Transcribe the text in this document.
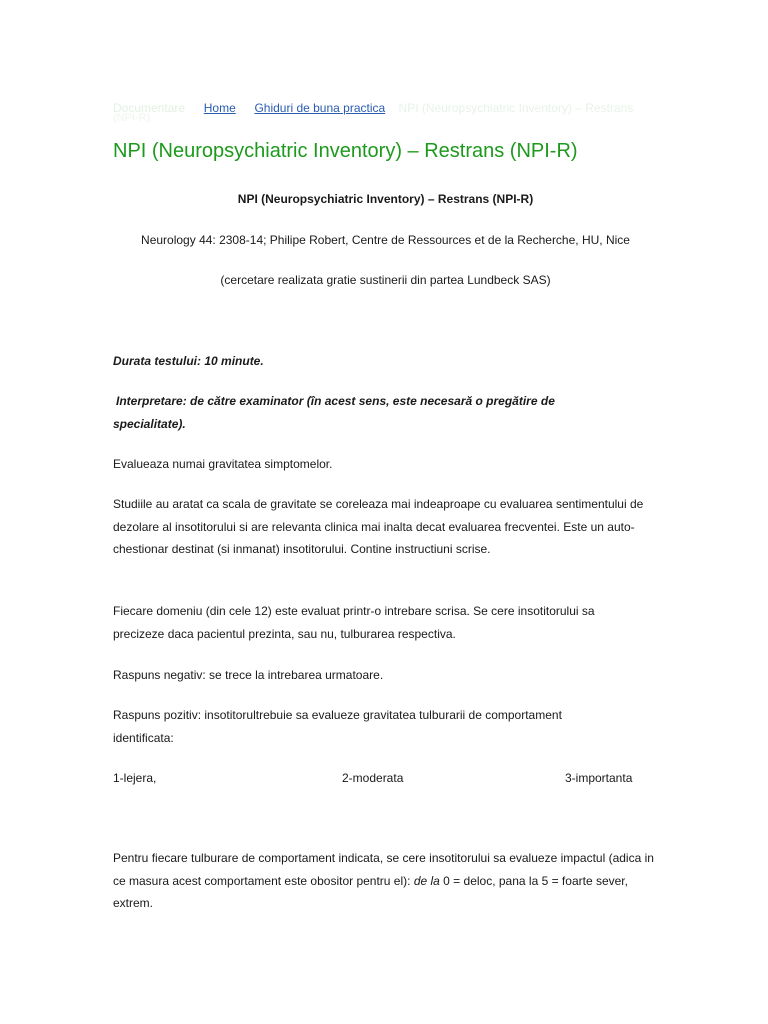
Documentare Home Ghiduri de buna practica NPI (Neuropsychiatric Inventory) – Restrans
(NPI-R)
NPI (Neuropsychiatric Inventory) – Restrans (NPI-R)
NPI (Neuropsychiatric Inventory) – Restrans (NPI-R)
Neurology 44: 2308-14; Philipe Robert, Centre de Ressources et de la Recherche, HU, Nice
(cercetare realizata gratie sustinerii din partea Lundbeck SAS)
Durata testului: 10 minute.
Interpretare: de către examinator (în acest sens, este necesară o pregătire de specialitate).
Evalueaza numai gravitatea simptomelor.
Studiile au aratat ca scala de gravitate se coreleaza mai indeaproape cu evaluarea sentimentului de dezolare al insotitorului si are relevanta clinica mai inalta decat evaluarea frecventei. Este un auto-chestionar destinat (si inmanat) insotitorului. Contine instructiuni scrise.
Fiecare domeniu (din cele 12) este evaluat printr-o intrebare scrisa. Se cere insotitorului sa precizeze daca pacientul prezinta, sau nu, tulburarea respectiva.
Raspuns negativ: se trece la intrebarea urmatoare.
Raspuns pozitiv: insotitorultrebuie sa evalueze gravitatea tulburarii de comportament identificata:
1-lejera,	2-moderata	3-importanta
Pentru fiecare tulburare de comportament indicata, se cere insotitorului sa evalueze impactul (adica in ce masura acest comportament este obositor pentru el): de la 0 = deloc, pana la 5 = foarte sever, extrem.
